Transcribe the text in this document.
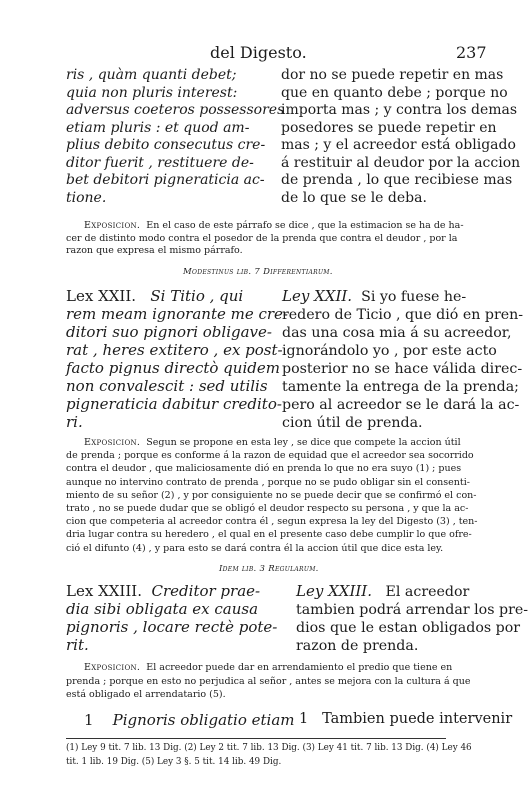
del Digesto.	237
ris , quàm quanti debet;
quia non pluris interest:
adversus coeteros possessores
etiam pluris : et quod am-
plius debito consecutus cre-
ditor fuerit , restituere de-
bet debitori pigneraticia ac-
tione.
dor no se puede repetir en mas
que en quanto debe ; porque no
importa mas ; y contra los demas
posedores se puede repetir en
mas ; y el acreedor está obligado
á restituir al deudor por la accion
de prenda , lo que recibiese mas
de lo que se le deba.
Exposicion. En el caso de este párrafo se dice , que la estimacion se ha de ha-
cer de distinto modo contra el posedor de la prenda que contra el deudor , por la
razon que expresa el mismo párrafo.
Modestinus lib. 7 Differentiarum.
Lex XXII. Si Titio , qui
rem meam ignorante me cre-
ditori suo pignori obligave-
rat , heres extitero , ex post-
facto pignus directò quidem
non convalescit : sed utilis
pigneraticia dabitur credito-
ri.
Ley XXII. Si yo fuese he-
redero de Ticio , que dió en pren-
das una cosa mia á su acreedor,
ignorándolo yo , por este acto
posterior no se hace válida direc-
tamente la entrega de la prenda;
pero al acreedor se le dará la ac-
cion útil de prenda.
Exposicion. Segun se propone en esta ley , se dice que compete la accion útil
de prenda ; porque es conforme á la razon de equidad que el acreedor sea socorrido
contra el deudor , que maliciosamente dió en prenda lo que no era suyo (1) ; pues
aunque no intervino contrato de prenda , porque no se pudo obligar sin el consenti-
miento de su señor (2) , y por consiguiente no se puede decir que se confirmó el con-
trato , no se puede dudar que se obligó el deudor respecto su persona , y que la ac-
cion que competeria al acreedor contra él , segun expresa la ley del Digesto (3) , ten-
dria lugar contra su heredero , el qual en el presente caso debe cumplir lo que ofre-
ció el difunto (4) , y para esto se dará contra él la accion útil que dice esta ley.
Idem lib. 3 Regularum.
Lex XXIII. Creditor prae-
dia sibi obligata ex causa
pignoris , locare rectè pote-
rit.
Ley XXIII. El acreedor
tambien podrá arrendar los pre-
dios que le estan obligados por
razon de prenda.
Exposicion. El acreedor puede dar en arrendamiento el predio que tiene en
prenda ; porque en esto no perjudica al señor , antes se mejora con la cultura á que
está obligado el arrendatario (5).
1 Pignoris obligatio etiam 1 Tambien puede intervenir
(1) Ley 9 tit. 7 lib. 13 Dig. (2) Ley 2 tit. 7 lib. 13 Dig. (3) Ley 41 tit. 7 lib. 13 Dig. (4) Ley 46
tit. 1 lib. 19 Dig. (5) Ley 3 §. 5 tit. 14 lib. 49 Dig.
